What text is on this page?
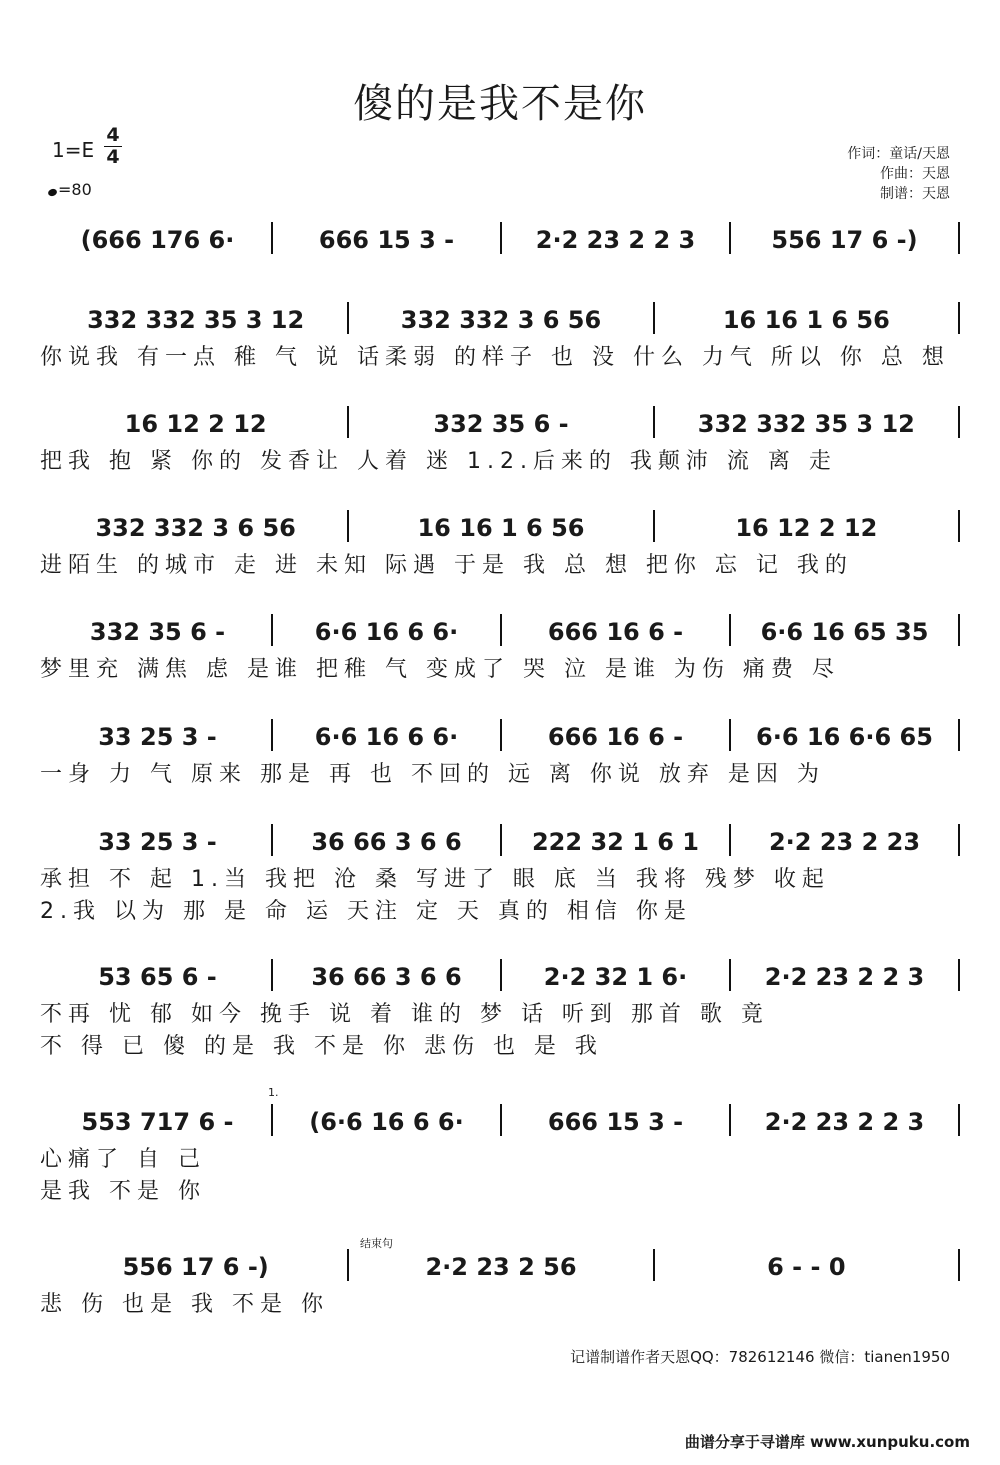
傻的是我不是你
1=E
4
4
=80
作词：童话/天恩
作曲：天恩
制谱：天恩
(666 176 6·	666 15 3 -	2·2 23 2 2 3	556 17 6 -)
332 332 35 3 12	332 332 3 6 56	16 16 1 6 56
你说我 有一点 稚 气 说 话柔弱 的样子 也 没 什么 力气 所以 你 总 想
16 12 2 12	332 35 6 -	332 332 35 3 12
把我 抱 紧 你的 发香让 人着 迷 1.2.后来的 我颠沛 流 离 走
332 332 3 6 56	16 16 1 6 56	16 12 2 12
进陌生 的城市 走 进 未知 际遇 于是 我 总 想 把你 忘 记 我的
332 35 6 -	6·6 16 6 6·	666 16 6 -	6·6 16 65 35
梦里充 满焦 虑 是谁 把稚 气 变成了 哭 泣 是谁 为伤 痛费 尽
33 25 3 -	6·6 16 6 6·	666 16 6 -	6·6 16 6·6 65
一身 力 气 原来 那是 再 也 不回的 远 离 你说 放弃 是因 为
33 25 3 -	36 66 3 6 6	222 32 1 6 1	2·2 23 2 23
承担 不 起 1.当 我把 沧 桑 写进了 眼 底 当 我将 残梦 收起
2.我 以为 那 是 命 运 天注 定 天 真的 相信 你是
53 65 6 -	36 66 3 6 6	2·2 32 1 6·	2·2 23 2 2 3
不再 忧 郁 如今 挽手 说 着 谁的 梦 话 听到 那首 歌 竟
不 得 已 傻 的是 我 不是 你 悲伤 也 是 我
553 717 6 -	(6·6 16 6 6·	666 15 3 -	2·2 23 2 2 3
心痛了 自 己
是我 不是 你
556 17 6 -)	2·2 23 2 56	6 - - 0
悲 伤 也是 我 不是 你
1.
结束句
记谱制谱作者天恩QQ：782612146 微信：tianen1950
曲谱分享于寻谱库 www.xunpuku.com
